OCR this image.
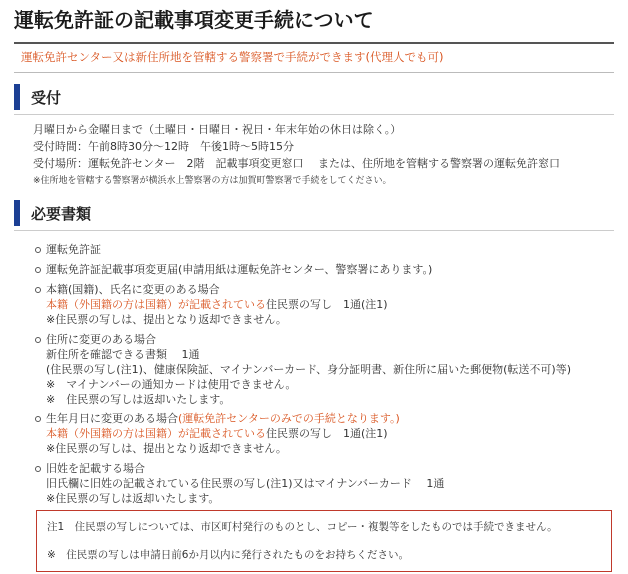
運転免許証の記載事項変更手続について
運転免許センター又は新住所地を管轄する警察署で手続ができます(代理人でも可)
受付
月曜日から金曜日まで（土曜日・日曜日・祝日・年末年始の休日は除く。）
受付時間：午前8時30分～12時　午後1時～5時15分
受付場所：運転免許センター　2階　記載事項変更窓口　 または、住所地を管轄する警察署の運転免許窓口
※住所地を管轄する警察署が横浜水上警察署の方は加賀町警察署で手続をしてください。
必要書類
運転免許証
運転免許証記載事項変更届(申請用紙は運転免許センター、警察署にあります。)
本籍(国籍)、氏名に変更のある場合
本籍（外国籍の方は国籍）が記載されている住民票の写し　1通(注1)
※住民票の写しは、提出となり返却できません。
住所に変更のある場合
新住所を確認できる書類　 1通
(住民票の写し(注1)、健康保険証、マイナンバーカード、身分証明書、新住所に届いた郵便物(転送不可)等)
※　マイナンバーの通知カードは使用できません。
※　住民票の写しは返却いたします。
生年月日に変更のある場合(運転免許センターのみでの手続となります。)
本籍（外国籍の方は国籍）が記載されている住民票の写し　1通(注1)
※住民票の写しは、提出となり返却できません。
旧姓を記載する場合
旧氏欄に旧姓の記載されている住民票の写し(注1)又はマイナンバーカード　 1通
※住民票の写しは返却いたします。
注1　住民票の写しについては、市区町村発行のものとし、コピー・複製等をしたものでは手続できません。
※　住民票の写しは申請日前6か月以内に発行されたものをお持ちください。
